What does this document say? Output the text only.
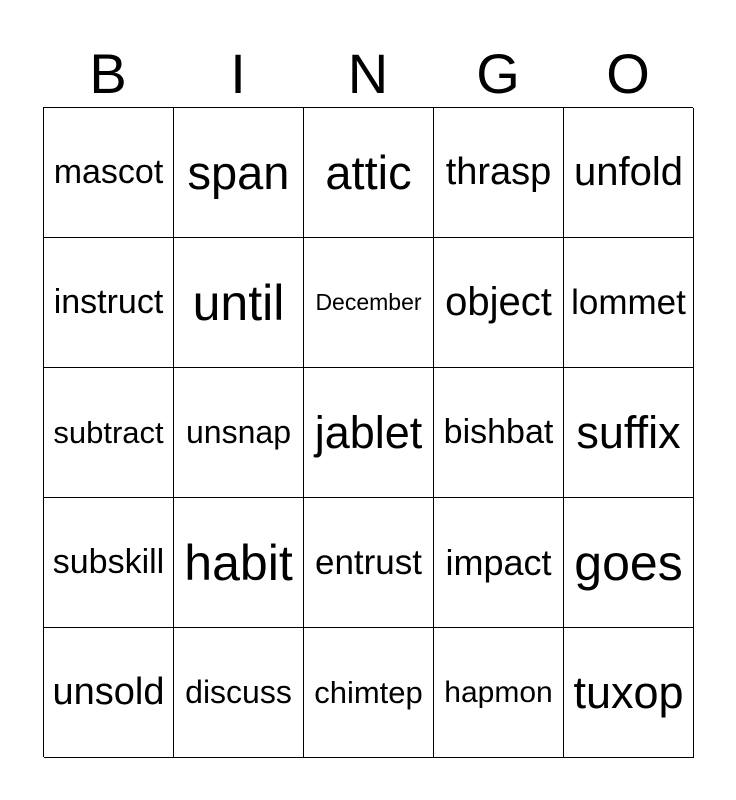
B	I	N	G	O
mascot span attic thrasp unfold
instruct until	December object lommet
subtract unsnap jablet bishbat suffix
subskill habit entrust impact goes
unsold discuss chimtep hapmon tuxop
